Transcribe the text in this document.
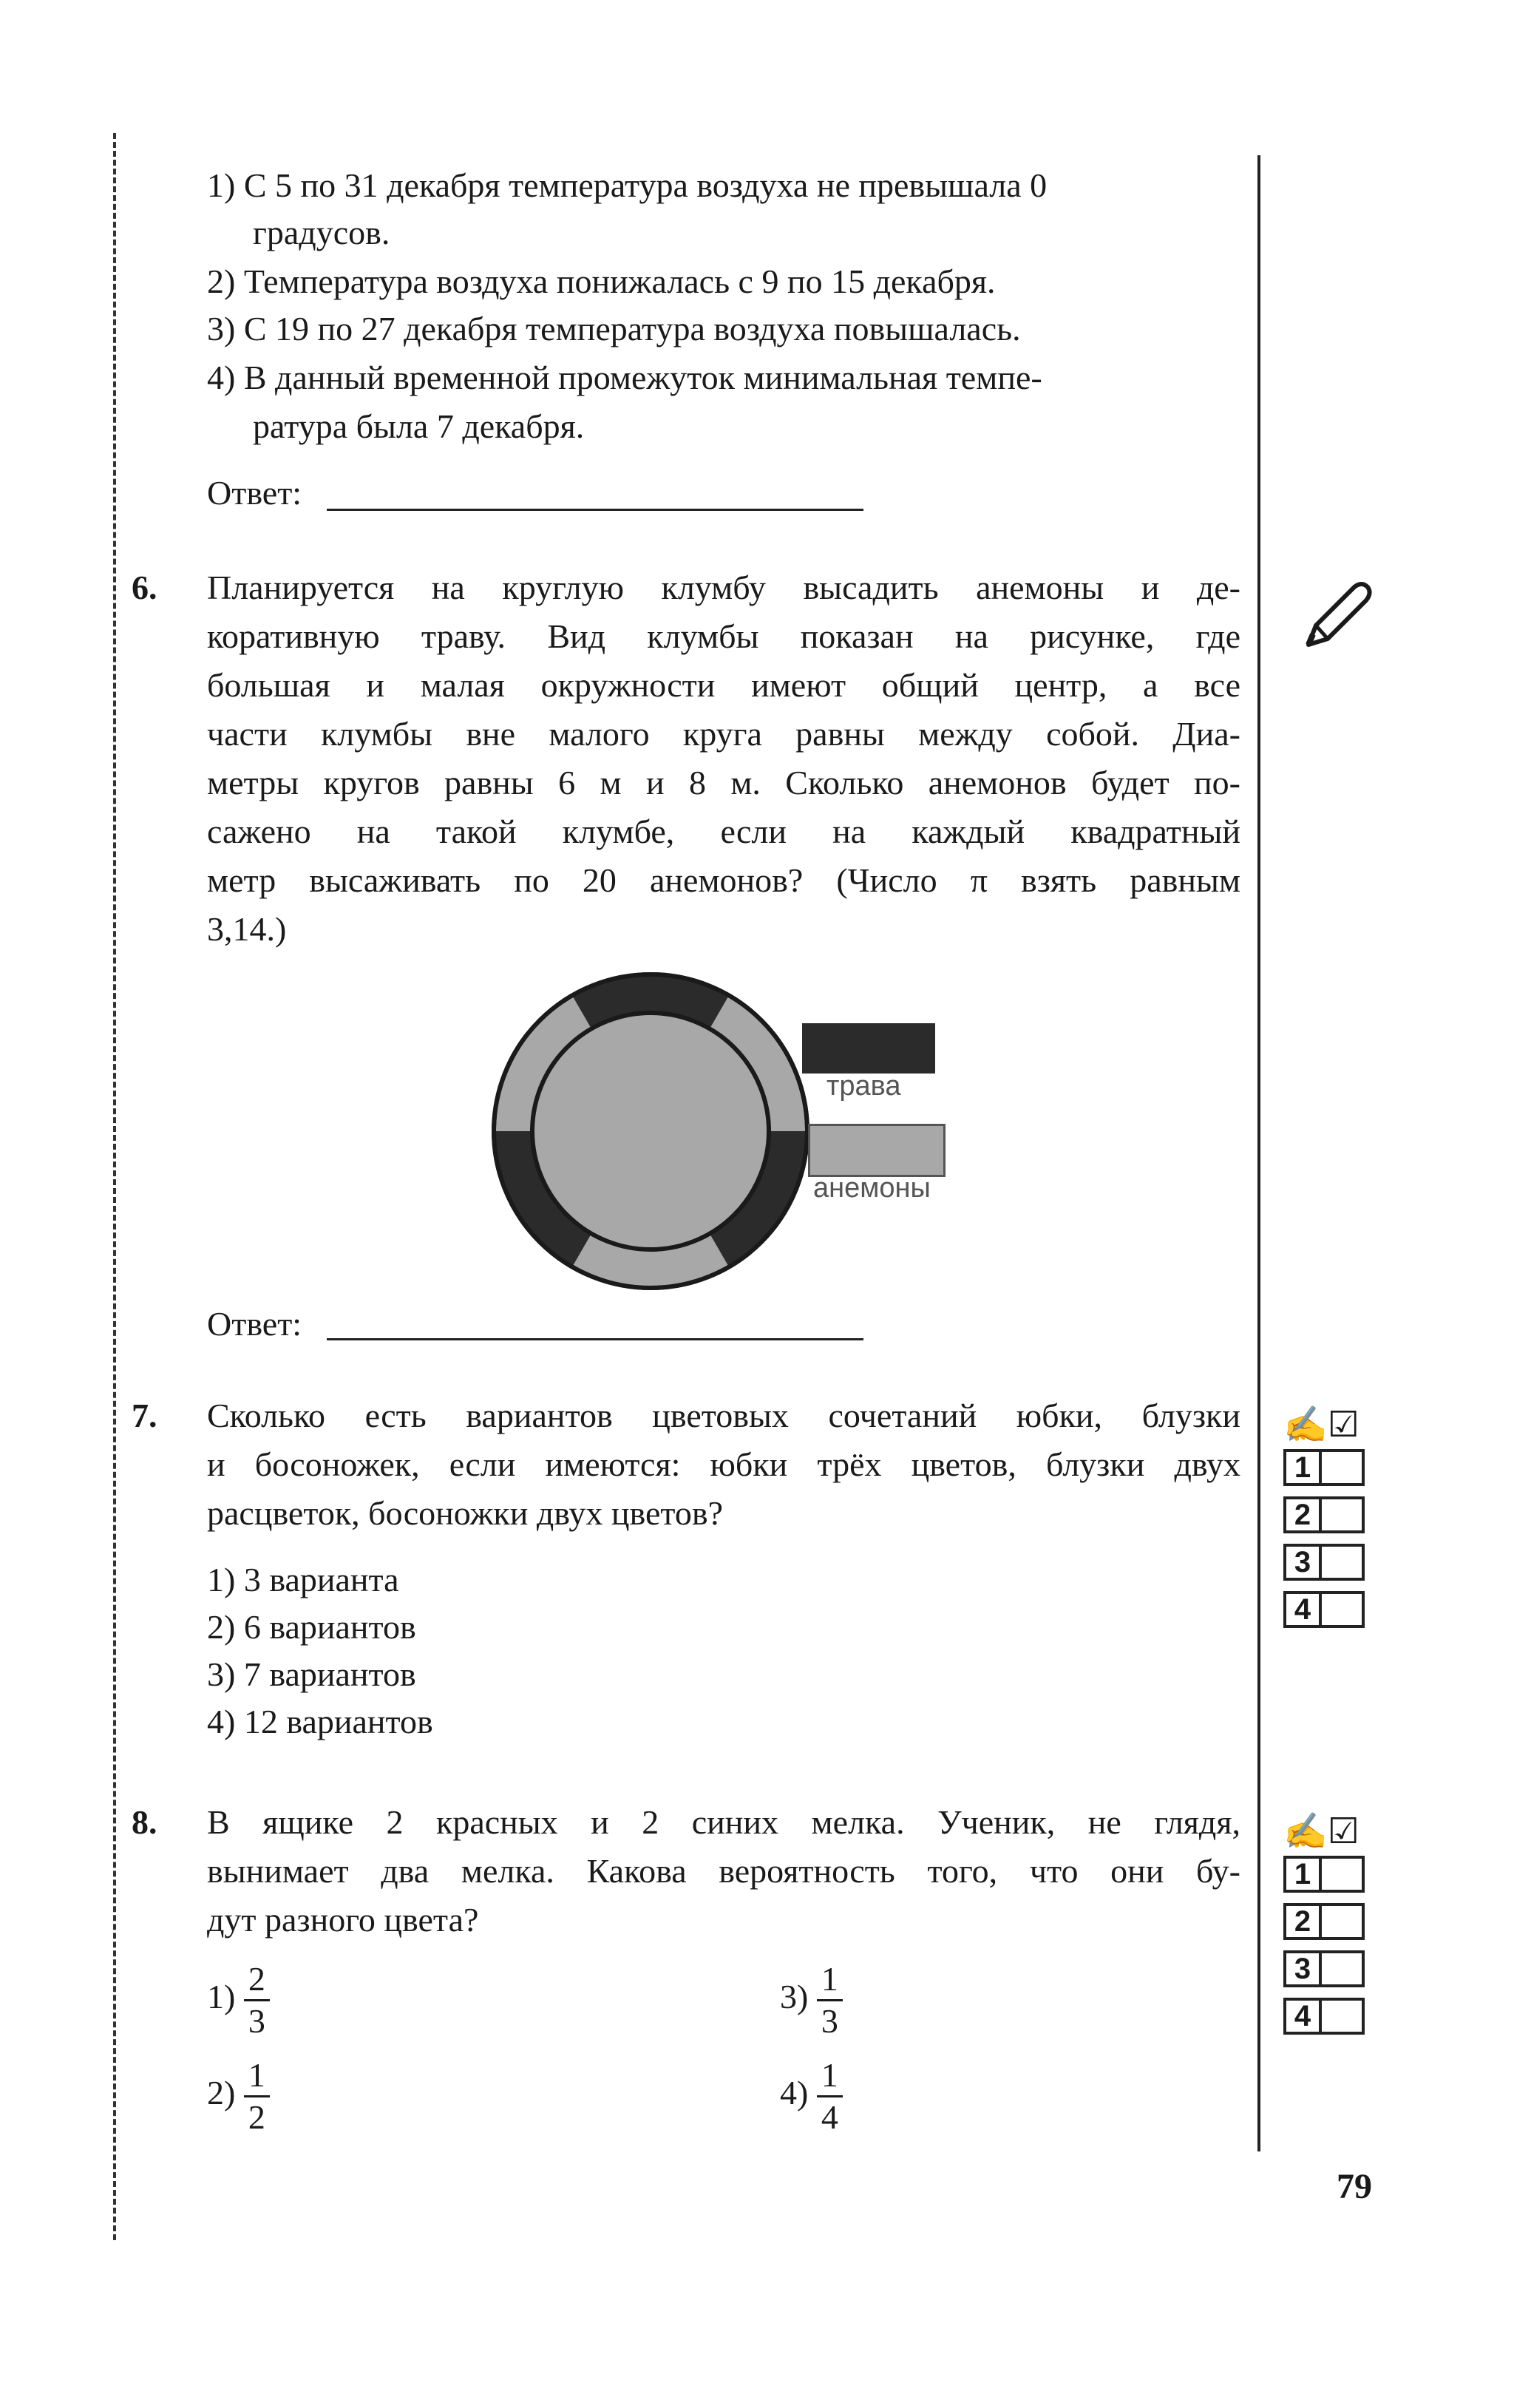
1) С 5 по 31 декабря температура воздуха не превышала 0
градусов.
2) Температура воздуха понижалась с 9 по 15 декабря.
3) С 19 по 27 декабря температура воздуха повышалась.
4) В данный временной промежуток минимальная темпе-
ратура была 7 декабря.
Ответ:
6. Планируется на круглую клумбу высадить анемоны и де-
коративную траву. Вид клумбы показан на рисунке, где
большая и малая окружности имеют общий центр, а все
части клумбы вне малого круга равны между собой. Диа-
метры кругов равны 6 м и 8 м. Сколько анемонов будет по-
сажено на такой клумбе, если на каждый квадратный
метр высаживать по 20 анемонов? (Число π взять равным
3,14.)
трава
анемоны
Ответ:
7. Сколько есть вариантов цветовых сочетаний юбки, блузки
и босоножек, если имеются: юбки трёх цветов, блузки двух
расцветок, босоножки двух цветов?
1) 3 варианта
2) 6 вариантов
3) 7 вариантов
4) 12 вариантов
✍☑
1
2
3
4
8. В ящике 2 красных и 2 синих мелка. Ученик, не глядя,
вынимает два мелка. Какова вероятность того, что они бу-
дут разного цвета?
$1) \frac{2}{3}$
$2) \frac{1}{2}$
$3) \frac{1}{3}$
$4) \frac{1}{4}$
✍☑
1
2
3
4
79
